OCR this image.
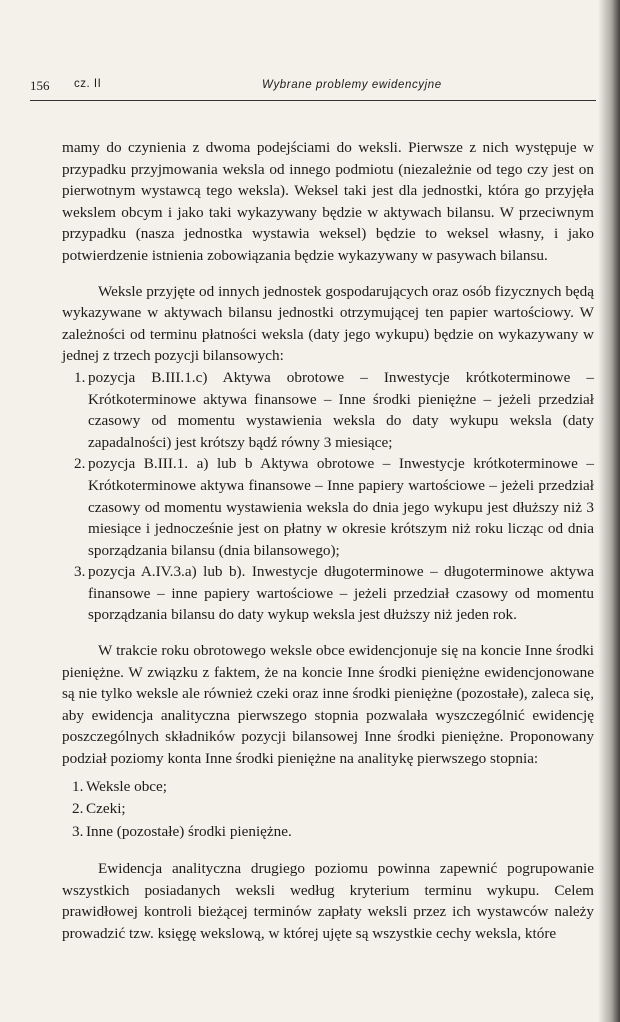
156 cz. II	Wybrane problemy ewidencyjne

mamy do czynienia z dwoma podejściami do weksli. Pierwsze z nich występuje w przypadku przyjmowania weksla od innego podmiotu (niezależnie od tego czy jest on pierwotnym wystawcą tego weksla). Weksel taki jest dla jednostki, która go przyjęła wekslem obcym i jako taki wykazywany będzie w aktywach bilansu. W przeciwnym przypadku (nasza jednostka wystawia weksel) będzie to weksel własny, i jako potwierdzenie istnienia zobowiązania będzie wykazywany w pasywach bilansu.

Weksle przyjęte od innych jednostek gospodarujących oraz osób fizycznych będą wykazywane w aktywach bilansu jednostki otrzymującej ten papier wartościowy. W zależności od terminu płatności weksla (daty jego wykupu) będzie on wykazywany w jednej z trzech pozycji bilansowych:

1. pozycja B.III.1.c) Aktywa obrotowe – Inwestycje krótkoterminowe – Krótkoterminowe aktywa finansowe – Inne środki pieniężne – jeżeli przedział czasowy od momentu wystawienia weksla do daty wykupu weksla (daty zapadalności) jest krótszy bądź równy 3 miesiące;
2. pozycja B.III.1. a) lub b Aktywa obrotowe – Inwestycje krótkoterminowe – Krótkoterminowe aktywa finansowe – Inne papiery wartościowe – jeżeli przedział czasowy od momentu wystawienia weksla do dnia jego wykupu jest dłuższy niż 3 miesiące i jednocześnie jest on płatny w okresie krótszym niż roku licząc od dnia sporządzania bilansu (dnia bilansowego);
3. pozycja A.IV.3.a) lub b). Inwestycje długoterminowe – długoterminowe aktywa finansowe – inne papiery wartościowe – jeżeli przedział czasowy od momentu sporządzania bilansu do daty wykup weksla jest dłuższy niż jeden rok.

W trakcie roku obrotowego weksle obce ewidencjonuje się na koncie Inne środki pieniężne. W związku z faktem, że na koncie Inne środki pieniężne ewidencjonowane są nie tylko weksle ale również czeki oraz inne środki pieniężne (pozostałe), zaleca się, aby ewidencja analityczna pierwszego stopnia pozwalała wyszczególnić ewidencję poszczególnych składników pozycji bilansowej Inne środki pieniężne. Proponowany podział poziomy konta Inne środki pieniężne na analitykę pierwszego stopnia:

1. Weksle obce;
2. Czeki;
3. Inne (pozostałe) środki pieniężne.

Ewidencja analityczna drugiego poziomu powinna zapewnić pogrupowanie wszystkich posiadanych weksli według kryterium terminu wykupu. Celem prawidłowej kontroli bieżącej terminów zapłaty weksli przez ich wystawców należy prowadzić tzw. księgę wekslową, w której ujęte są wszystkie cechy weksla, które
